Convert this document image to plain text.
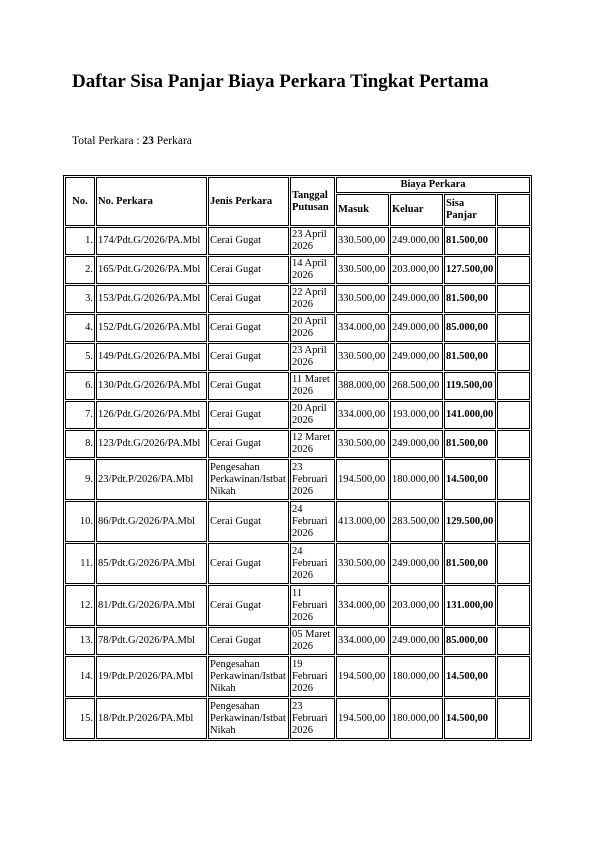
Daftar Sisa Panjar Biaya Perkara Tingkat Pertama
Total Perkara : 23 Perkara
No.	No. Perkara	Jenis Perkara	Tanggal Putusan	Biaya Perkara			
				Masuk	Keluar	Sisa Panjar	
1.	174/Pdt.G/2026/PA.Mbl	Cerai Gugat	23 April 2026	330.500,00	249.000,00	81.500,00	
2.	165/Pdt.G/2026/PA.Mbl	Cerai Gugat	14 April 2026	330.500,00	203.000,00	127.500,00	
3.	153/Pdt.G/2026/PA.Mbl	Cerai Gugat	22 April 2026	330.500,00	249.000,00	81.500,00	
4.	152/Pdt.G/2026/PA.Mbl	Cerai Gugat	20 April 2026	334.000,00	249.000,00	85.000,00	
5.	149/Pdt.G/2026/PA.Mbl	Cerai Gugat	23 April 2026	330.500,00	249.000,00	81.500,00	
6.	130/Pdt.G/2026/PA.Mbl	Cerai Gugat	11 Maret 2026	388.000,00	268.500,00	119.500,00	
7.	126/Pdt.G/2026/PA.Mbl	Cerai Gugat	20 April 2026	334.000,00	193.000,00	141.000,00	
8.	123/Pdt.G/2026/PA.Mbl	Cerai Gugat	12 Maret 2026	330.500,00	249.000,00	81.500,00	
9.	23/Pdt.P/2026/PA.Mbl	Pengesahan Perkawinan/Istbat Nikah	23 Februari 2026	194.500,00	180.000,00	14.500,00	
10.	86/Pdt.G/2026/PA.Mbl	Cerai Gugat	24 Februari 2026	413.000,00	283.500,00	129.500,00	
11.	85/Pdt.G/2026/PA.Mbl	Cerai Gugat	24 Februari 2026	330.500,00	249.000,00	81.500,00	
12.	81/Pdt.G/2026/PA.Mbl	Cerai Gugat	11 Februari 2026	334.000,00	203.000,00	131.000,00	
13.	78/Pdt.G/2026/PA.Mbl	Cerai Gugat	05 Maret 2026	334.000,00	249.000,00	85.000,00	
14.	19/Pdt.P/2026/PA.Mbl	Pengesahan Perkawinan/Istbat Nikah	19 Februari 2026	194.500,00	180.000,00	14.500,00	
15.	18/Pdt.P/2026/PA.Mbl	Pengesahan Perkawinan/Istbat Nikah	23 Februari 2026	194.500,00	180.000,00	14.500,00	
